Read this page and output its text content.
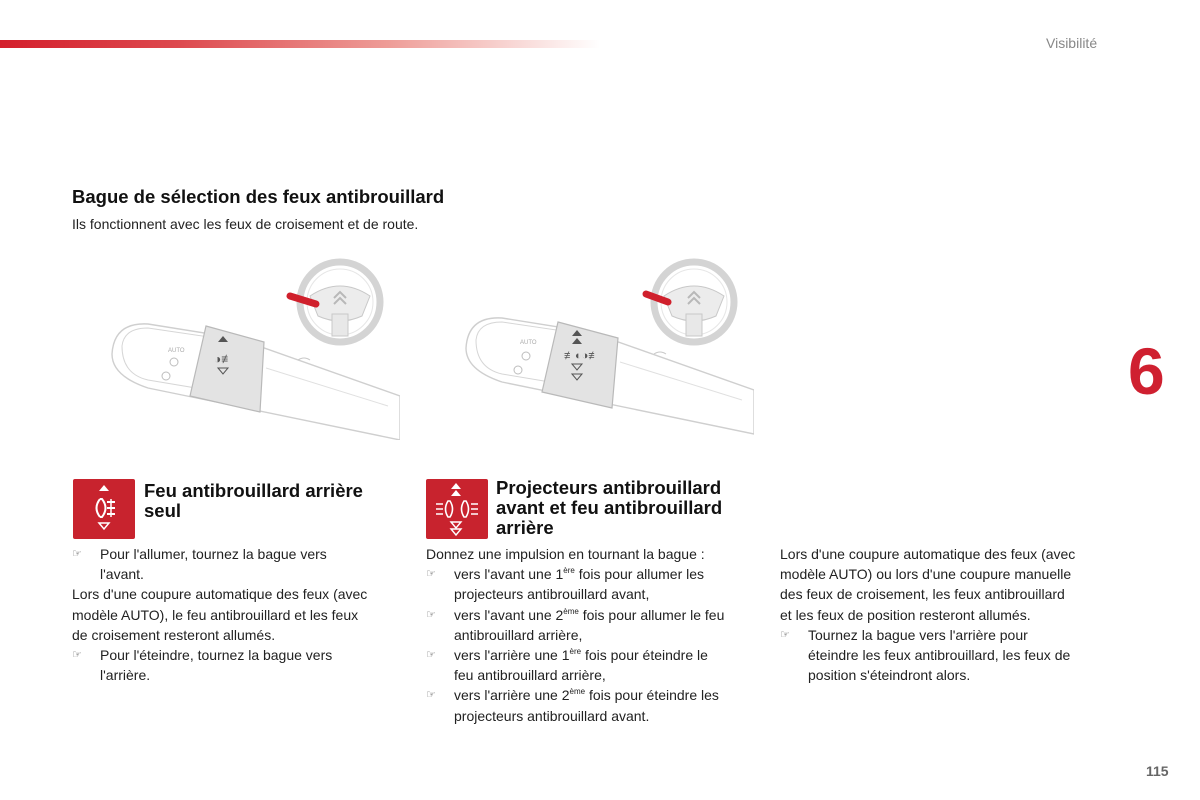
Visibilité
6
115
Bague de sélection des feux antibrouillard
Ils fonctionnent avec les feux de croisement et de route.
AUTO
◑≢
AUTO
≢◐◑≢
Feu antibrouillard arrière
seul
Projecteurs antibrouillard
avant et feu antibrouillard
arrière
☞ Pour l'allumer, tournez la bague vers

l'avant.

Lors d'une coupure automatique des feux (avec

modèle AUTO), le feu antibrouillard et les feux

de croisement resteront allumés.

☞ Pour l'éteindre, tournez la bague vers

l'arrière.

Donnez une impulsion en tournant la bague :

☞ vers l'avant une 1ère fois pour allumer les

projecteurs antibrouillard avant,

☞ vers l'avant une 2ème fois pour allumer le feu

antibrouillard arrière,

☞ vers l'arrière une 1ère fois pour éteindre le

feu antibrouillard arrière,

☞ vers l'arrière une 2ème fois pour éteindre les

projecteurs antibrouillard avant.

Lors d'une coupure automatique des feux (avec

modèle AUTO) ou lors d'une coupure manuelle

des feux de croisement, les feux antibrouillard

et les feux de position resteront allumés.

☞ Tournez la bague vers l'arrière pour

éteindre les feux antibrouillard, les feux de

position s'éteindront alors.
